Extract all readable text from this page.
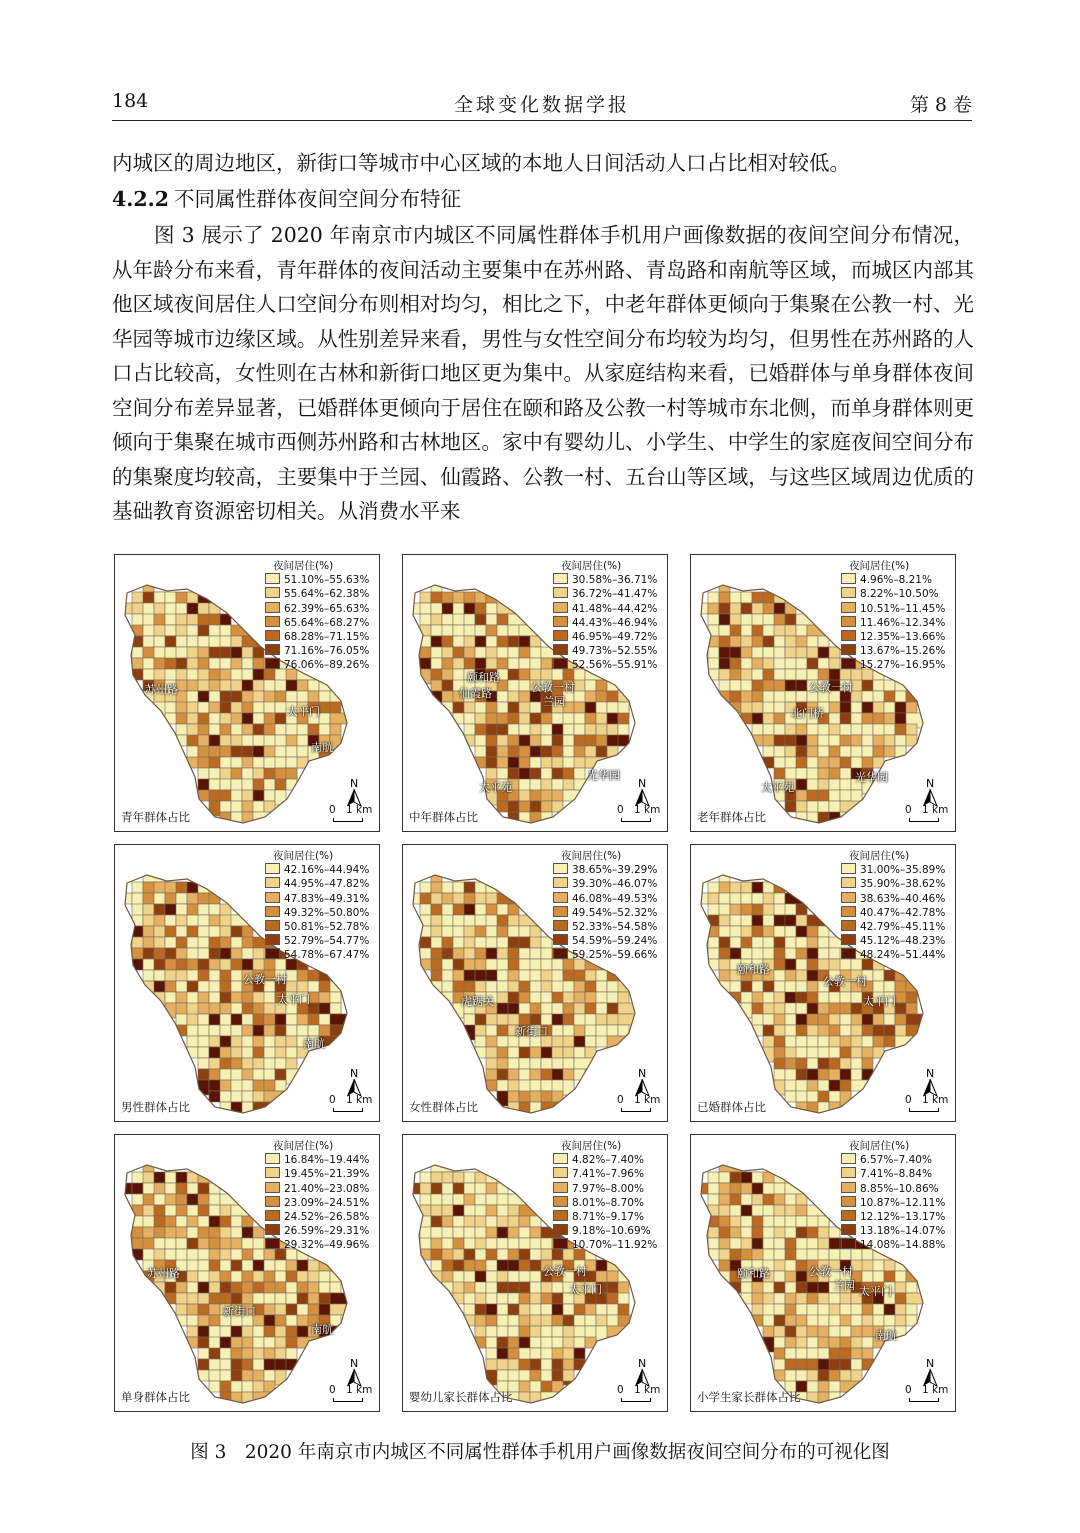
184	全球变化数据学报	第 8 卷
内城区的周边地区，新街口等城市中心区域的本地人日间活动人口占比相对较低。
4.2.2 不同属性群体夜间空间分布特征
图 3 展示了 2020 年南京市内城区不同属性群体手机用户画像数据的夜间空间分布情况，从年龄分布来看，青年群体的夜间活动主要集中在苏州路、青岛路和南航等区域，而城区内部其他区域夜间居住人口空间分布则相对均匀，相比之下，中老年群体更倾向于集聚在公教一村、光华园等城市边缘区域。从性别差异来看，男性与女性空间分布均较为均匀，但男性在苏州路的人口占比较高，女性则在古林和新街口地区更为集中。从家庭结构来看，已婚群体与单身群体夜间空间分布差异显著，已婚群体更倾向于居住在颐和路及公教一村等城市东北侧，而单身群体则更倾向于集聚在城市西侧苏州路和古林地区。家中有婴幼儿、小学生、中学生的家庭夜间空间分布的集聚度均较高，主要集中于兰园、仙霞路、公教一村、五台山等区域，与这些区域周边优质的基础教育资源密切相关。从消费水平来
夜间居住(%)
51.10%–55.63%
55.64%–62.38%
62.39%–65.63%
65.64%–68.27%
68.28%–71.15%
71.16%–76.05%
76.06%–89.26%
苏州路
太平门
南航
N
0 1 km
青年群体占比
夜间居住(%)
30.58%–36.71%
36.72%–41.47%
41.48%–44.42%
44.43%–46.94%
46.95%–49.72%
49.73%–52.55%
52.56%–55.91%
颐和路
仙霞路	公教一村
兰园
太平苑
光华园
N
0 1 km
中年群体占比
夜间居住(%)
4.96%–8.21%
8.22%–10.50%
10.51%–11.45%
11.46%–12.34%
12.35%–13.66%
13.67%–15.26%
15.27%–16.95%
公教一村
北门桥
太平苑
光华园	N
0 1 km
老年群体占比
夜间居住(%)
42.16%–44.94%
44.95%–47.82%
47.83%–49.31%
49.32%–50.80%
50.81%–52.78%
52.79%–54.77%
54.78%–67.47%
公教一村
太平门
南航
N
0 1 km
男性群体占比
夜间居住(%)
38.65%–39.29%
39.30%–46.07%
46.08%–49.53%
49.54%–52.32%
52.33%–54.58%
54.59%–59.24%
59.25%–59.66%
虎踞关
新街口
N
0 1 km
女性群体占比
夜间居住(%)
31.00%–35.89%
35.90%–38.62%
38.63%–40.46%
40.47%–42.78%
42.79%–45.11%
45.12%–48.23%
48.24%–51.44%
颐和路
公教一村
太平门
N
0 1 km
已婚群体占比
夜间居住(%)
16.84%–19.44%
19.45%–21.39%
21.40%–23.08%
23.09%–24.51%
24.52%–26.58%
26.59%–29.31%
29.32%–49.96%
苏州路
新街口
南航
N
0 1 km
单身群体占比
夜间居住(%)
4.82%–7.40%
7.41%–7.96%
7.97%–8.00%
8.01%–8.70%
8.71%–9.17%
9.18%–10.69%
10.70%–11.92%
公教一村
太平门
N
0 1 km
婴幼儿家长群体占比
夜间居住(%)
6.57%–7.40%
7.41%–8.84%
8.85%–10.86%
10.87%–12.11%
12.12%–13.17%
13.18%–14.07%
14.08%–14.88%
颐和路	公教一村
兰园 太平门
南航
N
0 1 km
小学生家长群体占比
图 3　2020 年南京市内城区不同属性群体手机用户画像数据夜间空间分布的可视化图
